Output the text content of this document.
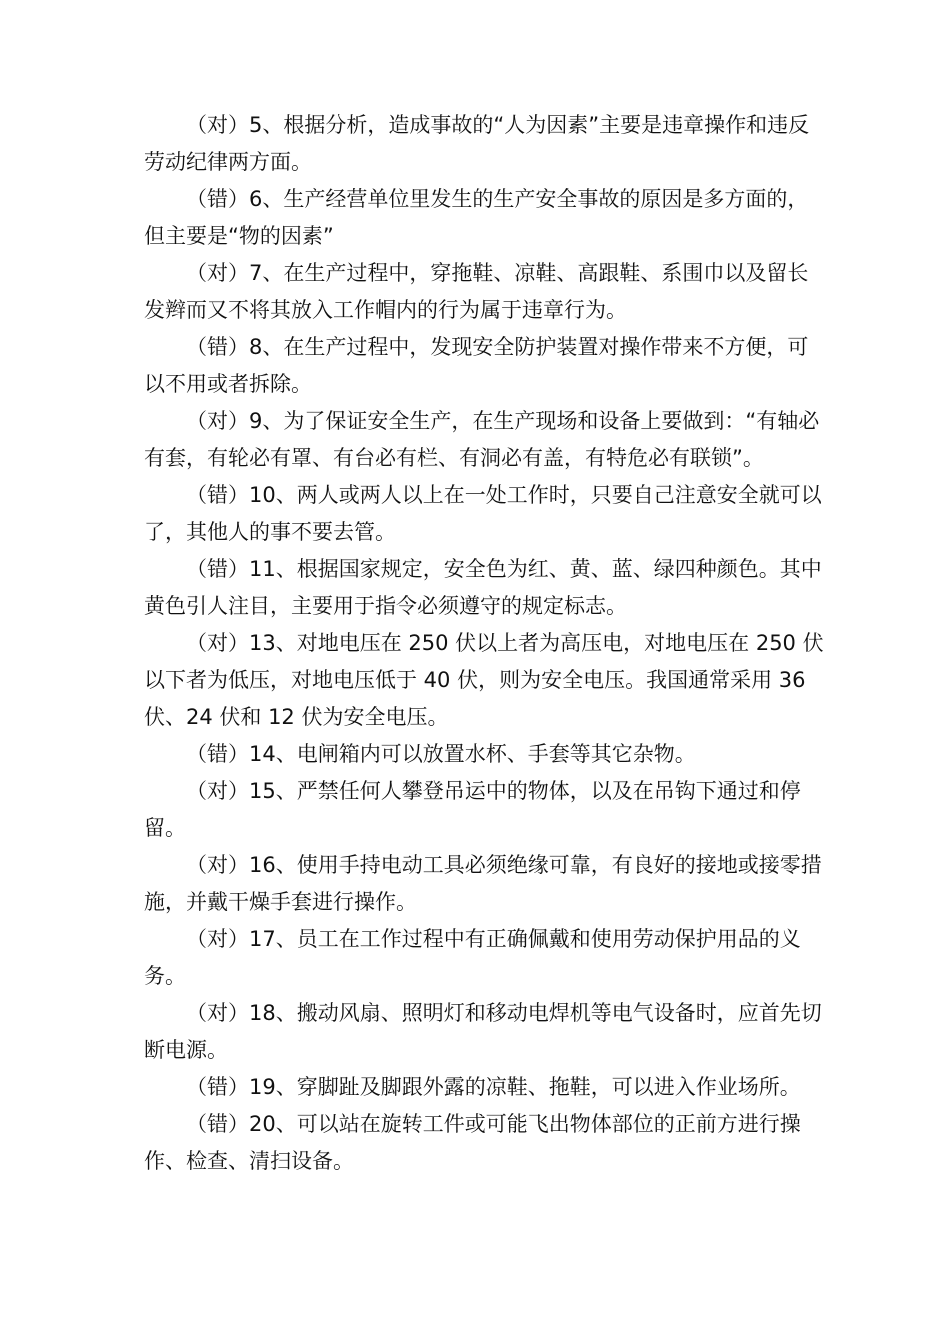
（对）5、根据分析，造成事故的“人为因素”主要是违章操作和违反劳动纪律两方面。

（错）6、生产经营单位里发生的生产安全事故的原因是多方面的，但主要是“物的因素”

（对）7、在生产过程中，穿拖鞋、凉鞋、高跟鞋、系围巾以及留长发辫而又不将其放入工作帽内的行为属于违章行为。

（错）8、在生产过程中，发现安全防护装置对操作带来不方便，可以不用或者拆除。

（对）9、为了保证安全生产，在生产现场和设备上要做到：“有轴必有套，有轮必有罩、有台必有栏、有洞必有盖，有特危必有联锁”。

（错）10、两人或两人以上在一处工作时，只要自己注意安全就可以了，其他人的事不要去管。

（错）11、根据国家规定，安全色为红、黄、蓝、绿四种颜色。其中黄色引人注目，主要用于指令必须遵守的规定标志。

（对）13、对地电压在 250 伏以上者为高压电，对地电压在 250 伏以下者为低压，对地电压低于 40 伏，则为安全电压。我国通常采用 36 伏、24 伏和 12 伏为安全电压。

（错）14、电闸箱内可以放置水杯、手套等其它杂物。

（对）15、严禁任何人攀登吊运中的物体，以及在吊钩下通过和停留。

（对）16、使用手持电动工具必须绝缘可靠，有良好的接地或接零措施，并戴干燥手套进行操作。

（对）17、员工在工作过程中有正确佩戴和使用劳动保护用品的义务。

（对）18、搬动风扇、照明灯和移动电焊机等电气设备时，应首先切断电源。

（错）19、穿脚趾及脚跟外露的凉鞋、拖鞋，可以进入作业场所。

（错）20、可以站在旋转工件或可能飞出物体部位的正前方进行操作、检查、清扫设备。
